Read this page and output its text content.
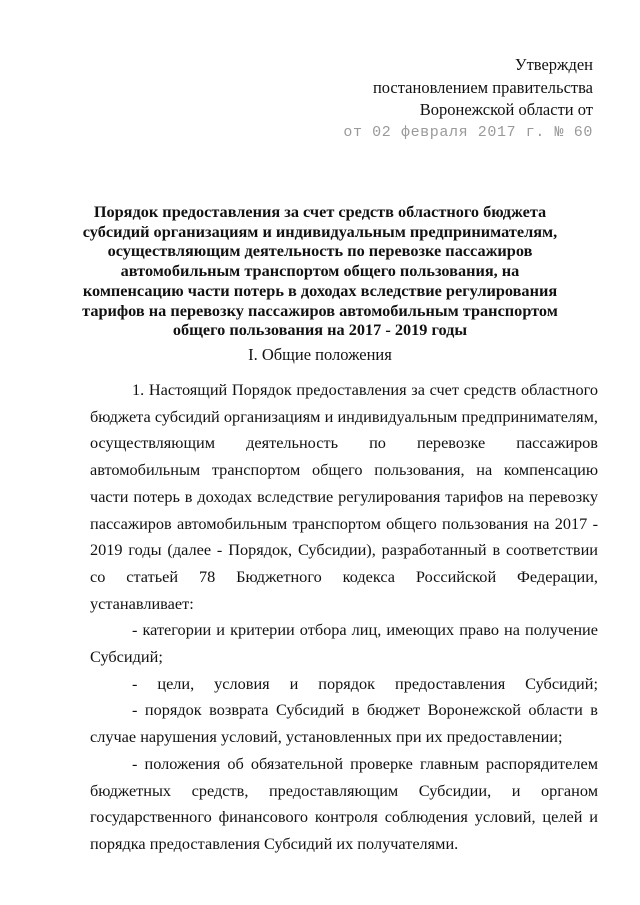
Утвержден
постановлением правительства
Воронежской области от
от 02 февраля 2017 г. № 60
Порядок предоставления за счет средств областного бюджета субсидий организациям и индивидуальным предпринимателям, осуществляющим деятельность по перевозке пассажиров автомобильным транспортом общего пользования, на компенсацию части потерь в доходах вследствие регулирования тарифов на перевозку пассажиров автомобильным транспортом общего пользования на 2017 - 2019 годы
I. Общие положения

1. Настоящий Порядок предоставления за счет средств областного бюджета субсидий организациям и индивидуальным предпринимателям, осуществляющим деятельность по перевозке пассажиров автомобильным транспортом общего пользования, на компенсацию части потерь в доходах вследствие регулирования тарифов на перевозку пассажиров автомобильным транспортом общего пользования на 2017 - 2019 годы (далее - Порядок, Субсидии), разработанный в соответствии со статьей 78 Бюджетного кодекса Российской Федерации, устанавливает:

- категории и критерии отбора лиц, имеющих право на получение Субсидий;

- цели, условия и порядок предоставления Субсидий;

- порядок возврата Субсидий в бюджет Воронежской области в случае нарушения условий, установленных при их предоставлении;

- положения об обязательной проверке главным распорядителем бюджетных средств, предоставляющим Субсидии, и органом государственного финансового контроля соблюдения условий, целей и порядка предоставления Субсидий их получателями.
